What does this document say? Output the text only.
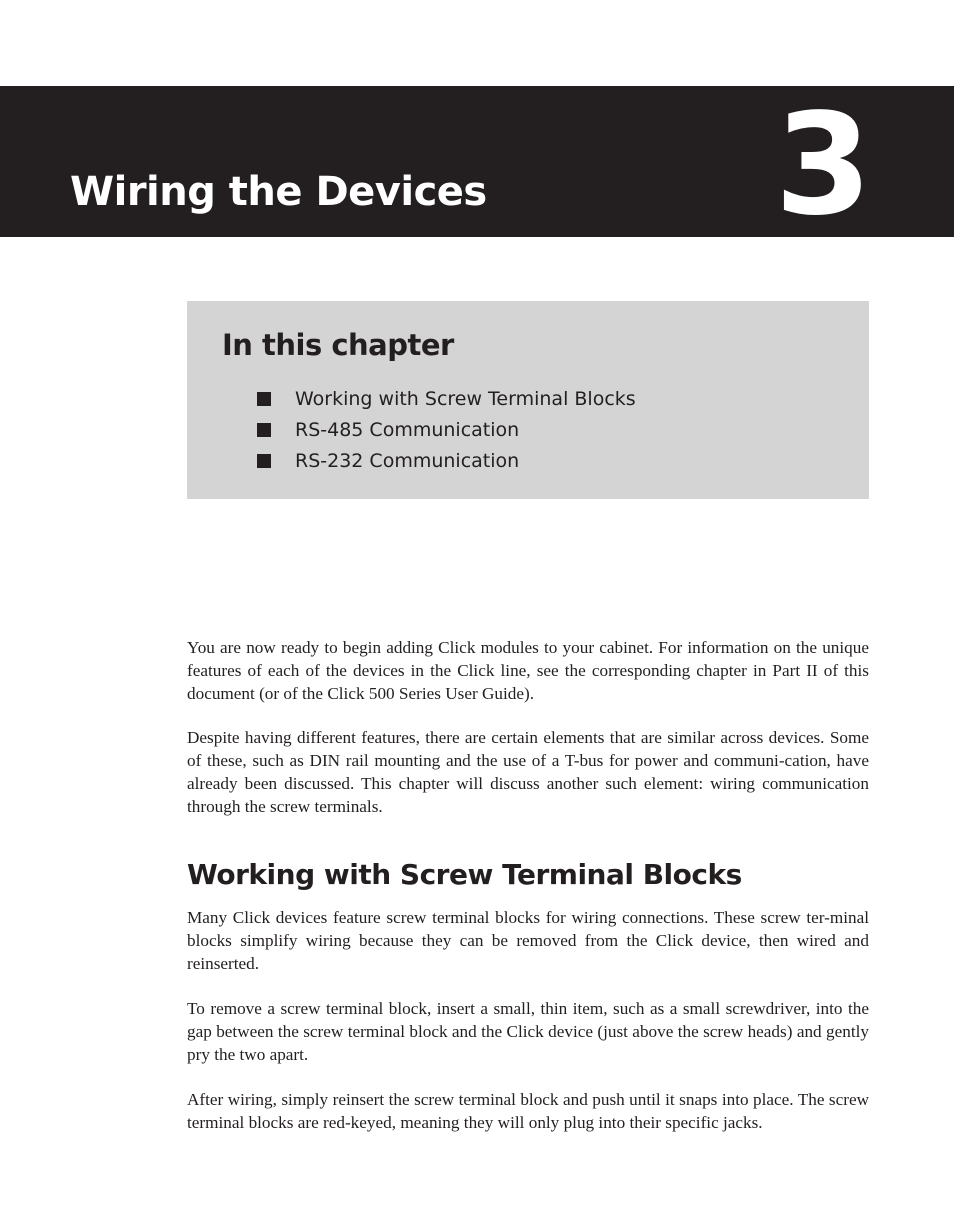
Wiring the Devices 3
In this chapter
Working with Screw Terminal Blocks
RS-485 Communication
RS-232 Communication

You are now ready to begin adding Click modules to your cabinet. For information on the unique features of each of the devices in the Click line, see the corresponding chapter in Part II of this document (or of the Click 500 Series User Guide).

Despite having different features, there are certain elements that are similar across devices. Some of these, such as DIN rail mounting and the use of a T-bus for power and communi-cation, have already been discussed. This chapter will discuss another such element: wiring communication through the screw terminals.

Working with Screw Terminal Blocks

Many Click devices feature screw terminal blocks for wiring connections. These screw ter-minal blocks simplify wiring because they can be removed from the Click device, then wired and reinserted.

To remove a screw terminal block, insert a small, thin item, such as a small screwdriver, into the gap between the screw terminal block and the Click device (just above the screw heads) and gently pry the two apart.

After wiring, simply reinsert the screw terminal block and push until it snaps into place. The screw terminal blocks are red-keyed, meaning they will only plug into their specific jacks.
